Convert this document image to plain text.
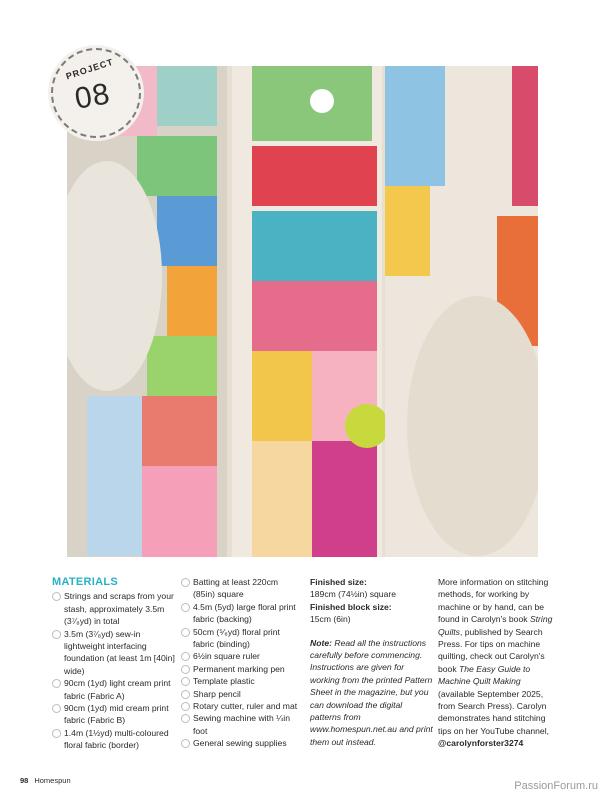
PROJECT
08
MATERIALS
Strings and scraps from your stash, approximately 3.5m (3⁷⁄₈yd) in total
3.5m (3⁷⁄₈yd) sew-in lightweight interfacing foundation (at least 1m [40in] wide)
90cm (1yd) light cream print fabric (Fabric A)
90cm (1yd) mid cream print fabric (Fabric B)
1.4m (1½yd) multi-coloured floral fabric (border)
Batting at least 220cm (85in) square
4.5m (5yd) large floral print fabric (backing)
50cm (⁵⁄₈yd) floral print fabric (binding)
6½in square ruler
Permanent marking pen
Template plastic
Sharp pencil
Rotary cutter, ruler and mat
Sewing machine with ¼in foot
General sewing supplies
Finished size:
189cm (74½in) square
Finished block size:
15cm (6in)
Note: Read all the instructions carefully before commencing. Instructions are given for working from the printed Pattern Sheet in the magazine, but you can download the digital patterns from www.homespun.net.au and print them out instead.
More information on stitching methods, for working by machine or by hand, can be found in Carolyn's book String Quilts, published by Search Press. For tips on machine quilting, check out Carolyn's book The Easy Guide to Machine Quilt Making (available September 2025, from Search Press). Carolyn demonstrates hand stitching tips on her YouTube channel, @carolynforster3274
98 Homespun	PassionForum.ru
